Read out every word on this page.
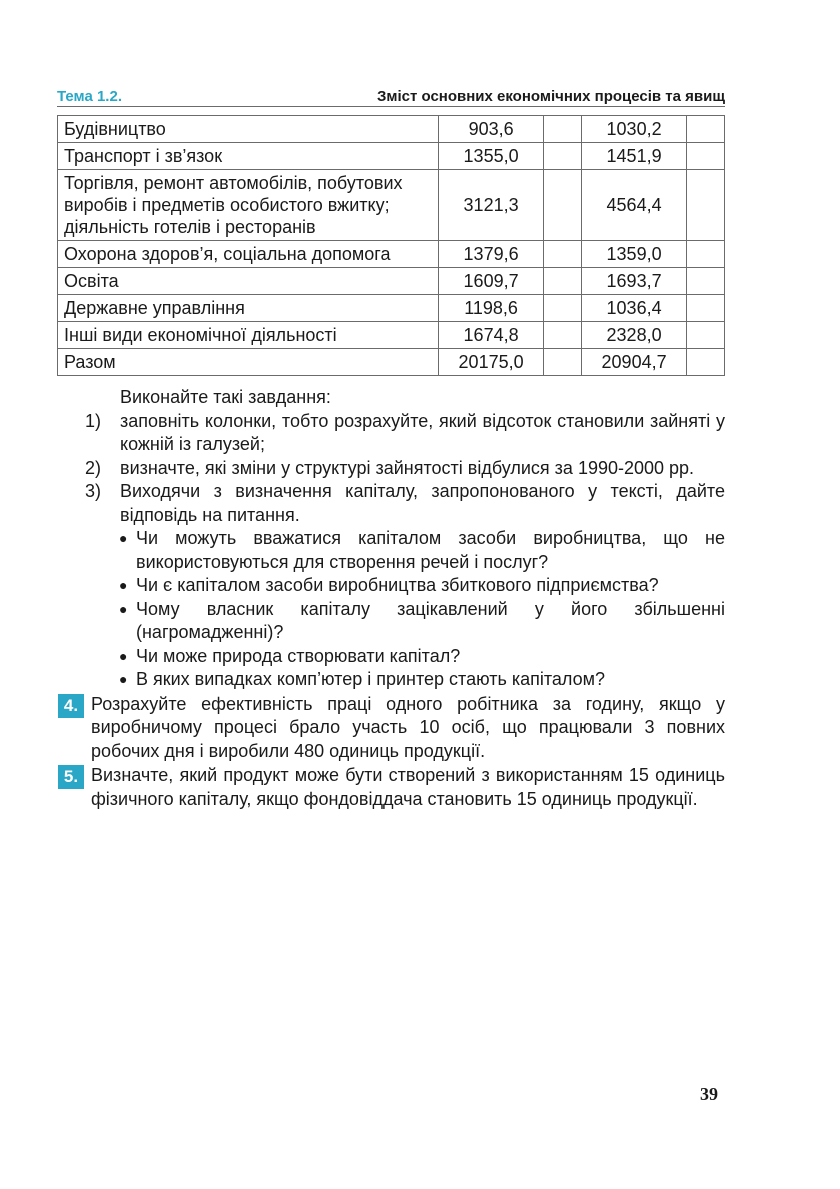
Тема 1.2.	Зміст основних економічних процесів та явищ
Будівництво	903,6		1030,2	
Транспорт і зв’язок	1355,0		1451,9	
Торгівля, ремонт автомобілів, побутових виробів і предметів особистого вжитку; діяльність готелів і ресторанів	3121,3		4564,4	
Охорона здоров’я, соціальна допомога	1379,6		1359,0	
Освіта	1609,7		1693,7	
Державне управління	1198,6		1036,4	
Інші види економічної діяльності	1674,8		2328,0	
Разом	20175,0		20904,7	
Виконайте такі завдання:
1) заповніть колонки, тобто розрахуйте, який відсоток становили зайняті у кожній із галузей;
2) визначте, які зміни у структурі зайнятості відбулися за 1990-2000 рр.
3) Виходячи з визначення капіталу, запропонованого у тексті, дайте відповідь на питання.
● Чи можуть вважатися капіталом засоби виробництва, що не використовуються для створення речей і послуг?
● Чи є капіталом засоби виробництва збиткового підприємства?
● Чому власник капіталу зацікавлений у його збільшенні (нагромадженні)?
● Чи може природа створювати капітал?
● В яких випадках комп’ютер і принтер стають капіталом?
4. Розрахуйте ефективність праці одного робітника за годину, якщо у виробничому процесі брало участь 10 осіб, що працювали 3 повних робочих дня і виробили 480 одиниць продукції.
5. Визначте, який продукт може бути створений з використанням 15 одиниць фізичного капіталу, якщо фондовіддача становить 15 одиниць продукції.
39
